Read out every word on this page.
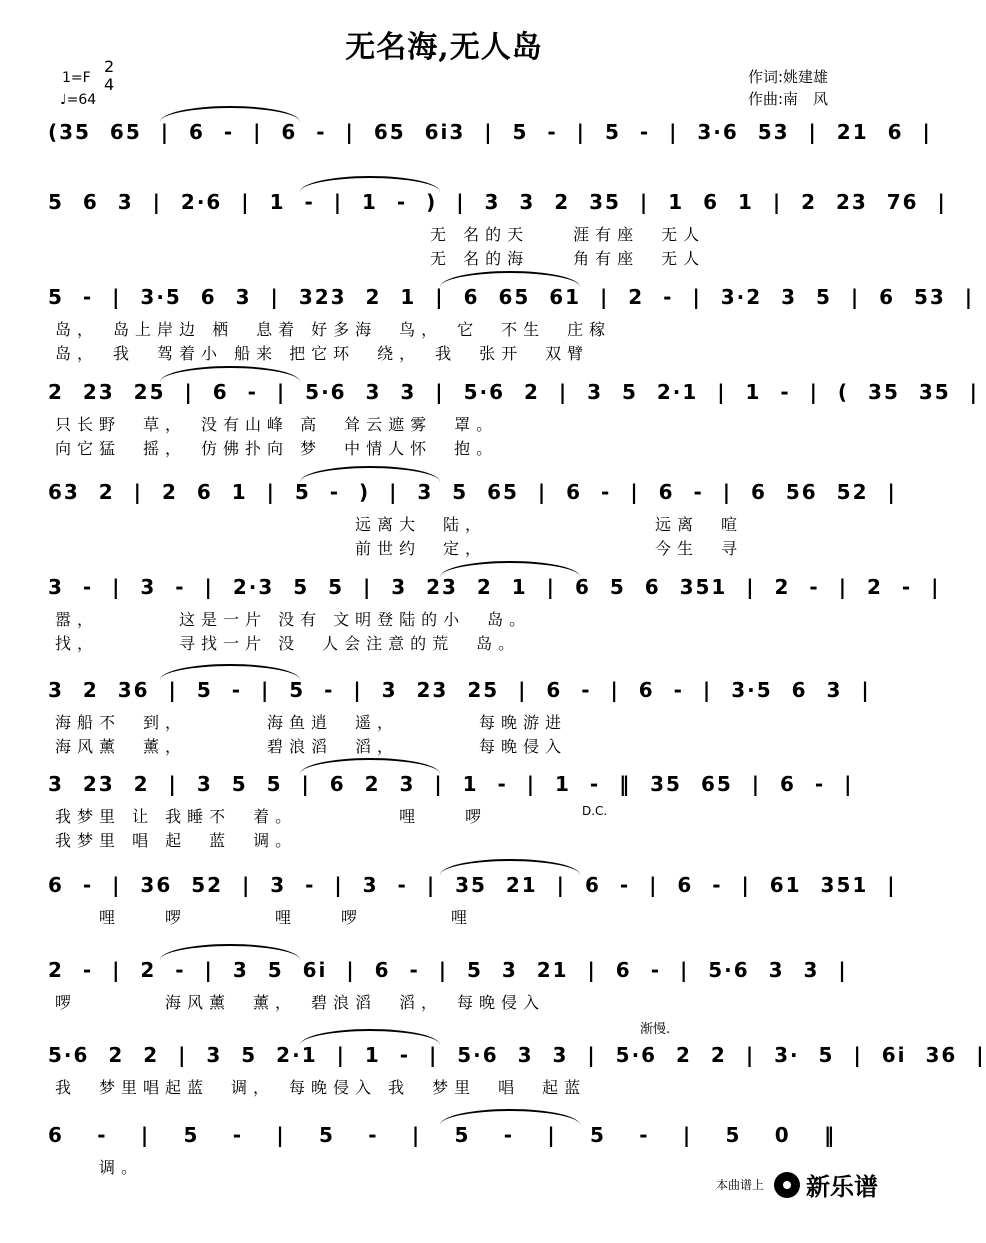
无名海,无人岛
1=F
2
4
♩=64
作词:姚建雄
作曲:南　风
(35 65 | 6 - | 6 - | 65 6i3 | 5 - | 5 - | 3·6 53 | 21 6 |
5 6 3 | 2·6 | 1 - | 1 - ) | 3 3 2 35 | 1 6 1 | 2 23 76 |
无 名的天　　涯有座　无人
无 名的海　　角有座　无人
5 - | 3·5 6 3 | 323 2 1 | 6 65 61 | 2 - | 3·2 3 5 | 6 53 |
岛，　岛上岸边 栖　息着 好多海　鸟，　它　不生　庄稼
岛，　我　驾着小 船来 把它环　绕，　我　张开　双臂
2 23 25 | 6 - | 5·6 3 3 | 5·6 2 | 3 5 2·1 | 1 - | ( 35 35 |
只长野　草，　没有山峰 高　耸云遮雾　罩。
向它猛　摇，　仿佛扑向 梦　中情人怀　抱。
63 2 | 2 6 1 | 5 - ) | 3 5 65 | 6 - | 6 - | 6 56 52 |
远离大　陆，　　　　　　　　远离　喧
前世约　定，　　　　　　　　今生　寻
3 - | 3 - | 2·3 5 5 | 3 23 2 1 | 6 5 6 351 | 2 - | 2 - |
嚣，　　　　这是一片 没有 文明登陆的小　岛。
找，　　　　寻找一片 没　人会注意的荒　岛。
3 2 36 | 5 - | 5 - | 3 23 25 | 6 - | 6 - | 3·5 6 3 |
海船不　到，　　　　海鱼逍　遥，　　　　每晚游进
海风薰　薰，　　　　碧浪滔　滔，　　　　每晚侵入
3 23 2 | 3 5 5 | 6 2 3 | 1 - | 1 - ‖ 35 65 | 6 - |
我梦里 让 我睡不　着。　　　　　哩　　啰
我梦里 唱 起　蓝　调。
6 - | 36 52 | 3 - | 3 - | 35 21 | 6 - | 6 - | 61 351 |
　　哩　　啰　　　　哩　　啰　　　　哩
2 - | 2 - | 3 5 6i | 6 - | 5 3 21 | 6 - | 5·6 3 3 |
啰　　　　海风薰　薰，　碧浪滔　滔，　每晚侵入
5·6 2 2 | 3 5 2·1 | 1 - | 5·6 3 3 | 5·6 2 2 | 3· 5 | 6i 36 |
我　梦里唱起蓝　调，　每晚侵入 我　梦里　唱　起蓝
6 - | 5 - | 5 - | 5 - | 5 - | 5 0 ‖
　　调。
D.C.
渐慢.
本曲谱上 新乐谱
